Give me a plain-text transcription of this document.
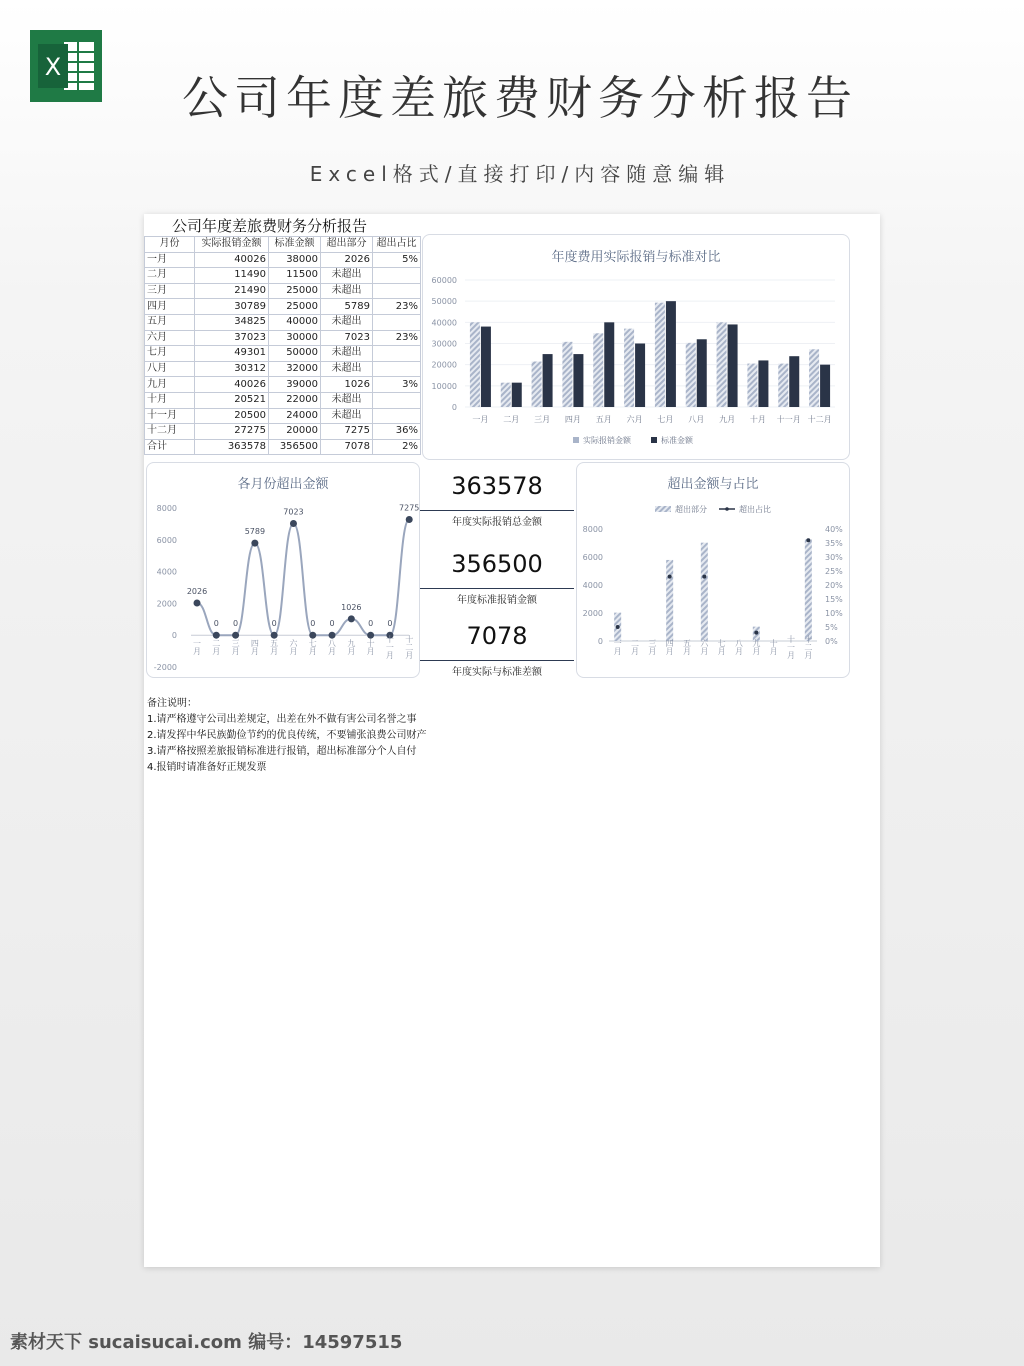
X
公司年度差旅费财务分析报告
Excel格式/直接打印/内容随意编辑
公司年度差旅费财务分析报告
月份	实际报销金额	标准金额	超出部分	超出占比
一月	40026	38000	2026	5%
二月	11490	11500	未超出	
三月	21490	25000	未超出	
四月	30789	25000	5789	23%
五月	34825	40000	未超出	
六月	37023	30000	7023	23%
七月	49301	50000	未超出	
八月	30312	32000	未超出	
九月	40026	39000	1026	3%
十月	20521	22000	未超出	
十一月	20500	24000	未超出	
十二月	27275	20000	7275	36%
合计	363578	356500	7078	2%
年度费用实际报销与标准对比
0
10000
20000
30000
40000
50000
60000
一月 二月 三月 四月 五月 六月 七月 八月 九月 十月 十一月 十二月
实际报销金额	标准金额
各月份超出金额
-2000
0
2000
4000
6000
8000
2026
一月
0
二月
0
三月
5789
四月
0
五月
7023
六月
0
七月
0
八月
1026
九月
0
十月
0
十一月
7275
十二月
363578
年度实际报销总金额
356500
年度标准报销金额
7078
年度实际与标准差额
超出金额与占比
超出部分	超出占比
0
2000
4000
6000
8000
0%
5%
10%
15%
20%
25%
30%
35%
40%
一月 二月 三月 四月 五月 六月 七月 八月 九月 十月 十一月 十二月
备注说明：
1.请严格遵守公司出差规定，出差在外不做有害公司名誉之事
2.请发挥中华民族勤俭节约的优良传统，不要铺张浪费公司财产
3.请严格按照差旅报销标准进行报销，超出标准部分个人自付
4.报销时请准备好正规发票
素材天下 sucaisucai.com 编号：14597515
